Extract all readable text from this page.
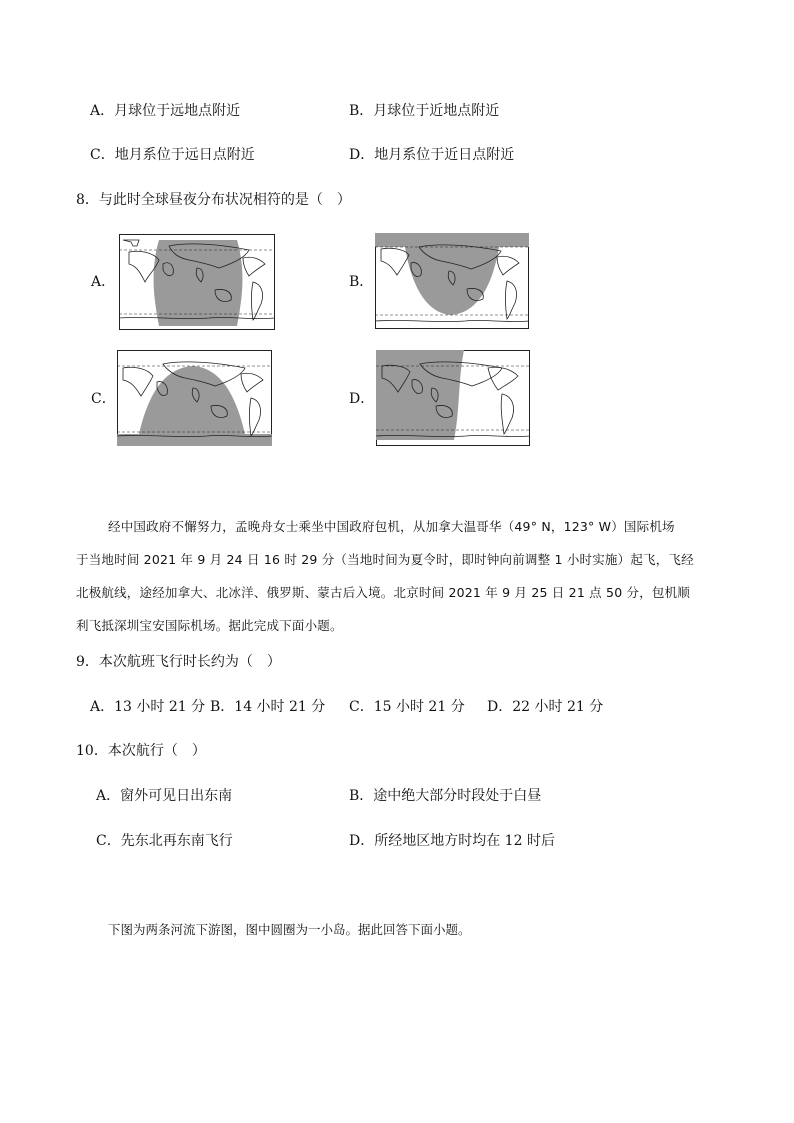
A．月球位于远地点附近	B．月球位于近地点附近
C．地月系位于远日点附近	D．地月系位于近日点附近
8．与此时全球昼夜分布状况相符的是（　）
A．	B．
C．	D．

经中国政府不懈努力，孟晚舟女士乘坐中国政府包机，从加拿大温哥华（49° N，123° W）国际机场

于当地时间 2021 年 9 月 24 日 16 时 29 分（当地时间为夏令时，即时钟向前调整 1 小时实施）起飞，飞经

北极航线，途经加拿大、北冰洋、俄罗斯、蒙古后入境。北京时间 2021 年 9 月 25 日 21 点 50 分，包机顺

利飞抵深圳宝安国际机场。据此完成下面小题。

9．本次航班飞行时长约为（　）
A．13 小时 21 分 B．14 小时 21 分 C．15 小时 21 分 D．22 小时 21 分
10．本次航行（　）
A．窗外可见日出东南	B．途中绝大部分时段处于白昼
C．先东北再东南飞行	D．所经地区地方时均在 12 时后
下图为两条河流下游图，图中圆圈为一小岛。据此回答下面小题。
